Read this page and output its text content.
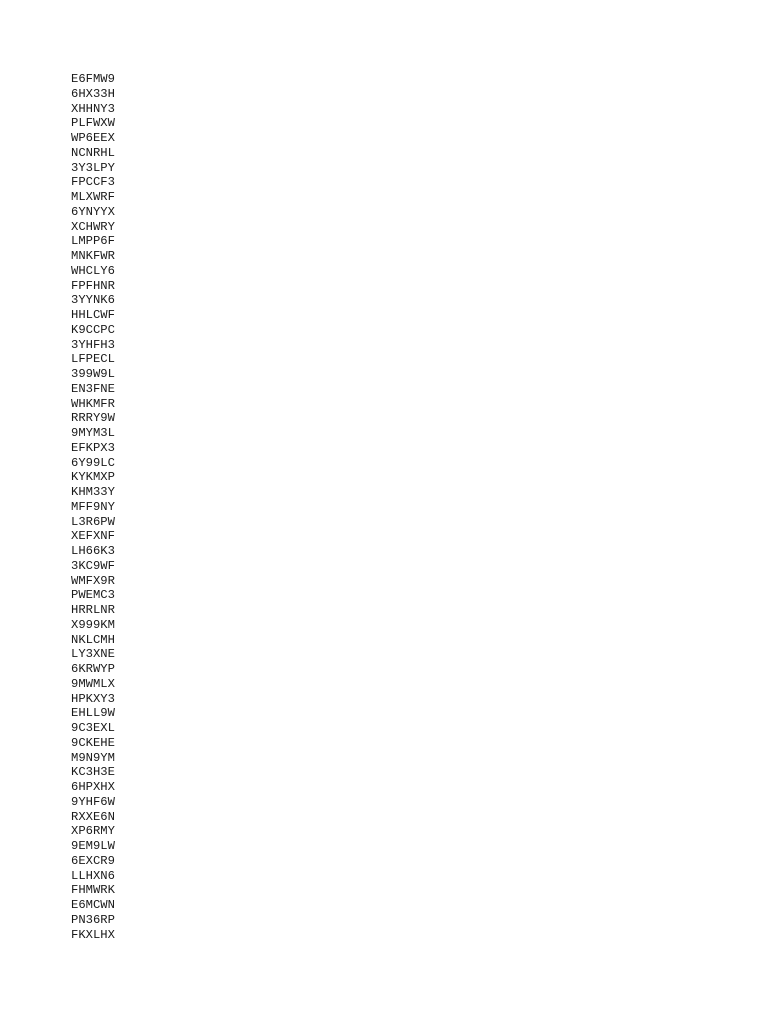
E6FMW9
6HX33H
XHHNY3
PLFWXW
WP6EEX
NCNRHL
3Y3LPY
FPCCF3
MLXWRF
6YNYYX
XCHWRY
LMPP6F
MNKFWR
WHCLY6
FPFHNR
3YYNK6
HHLCWF
K9CCPC
3YHFH3
LFPECL
399W9L
EN3FNE
WHKMFR
RRRY9W
9MYM3L
EFKPX3
6Y99LC
KYKMXP
KHM33Y
MFF9NY
L3R6PW
XEFXNF
LH66K3
3KC9WF
WMFX9R
PWEMC3
HRRLNR
X999KM
NKLCMH
LY3XNE
6KRWYP
9MWMLX
HPKXY3
EHLL9W
9C3EXL
9CKEHE
M9N9YM
KC3H3E
6HPXHX
9YHF6W
RXXE6N
XP6RMY
9EM9LW
6EXCR9
LLHXN6
FHMWRK
E6MCWN
PN36RP
FKXLHX
